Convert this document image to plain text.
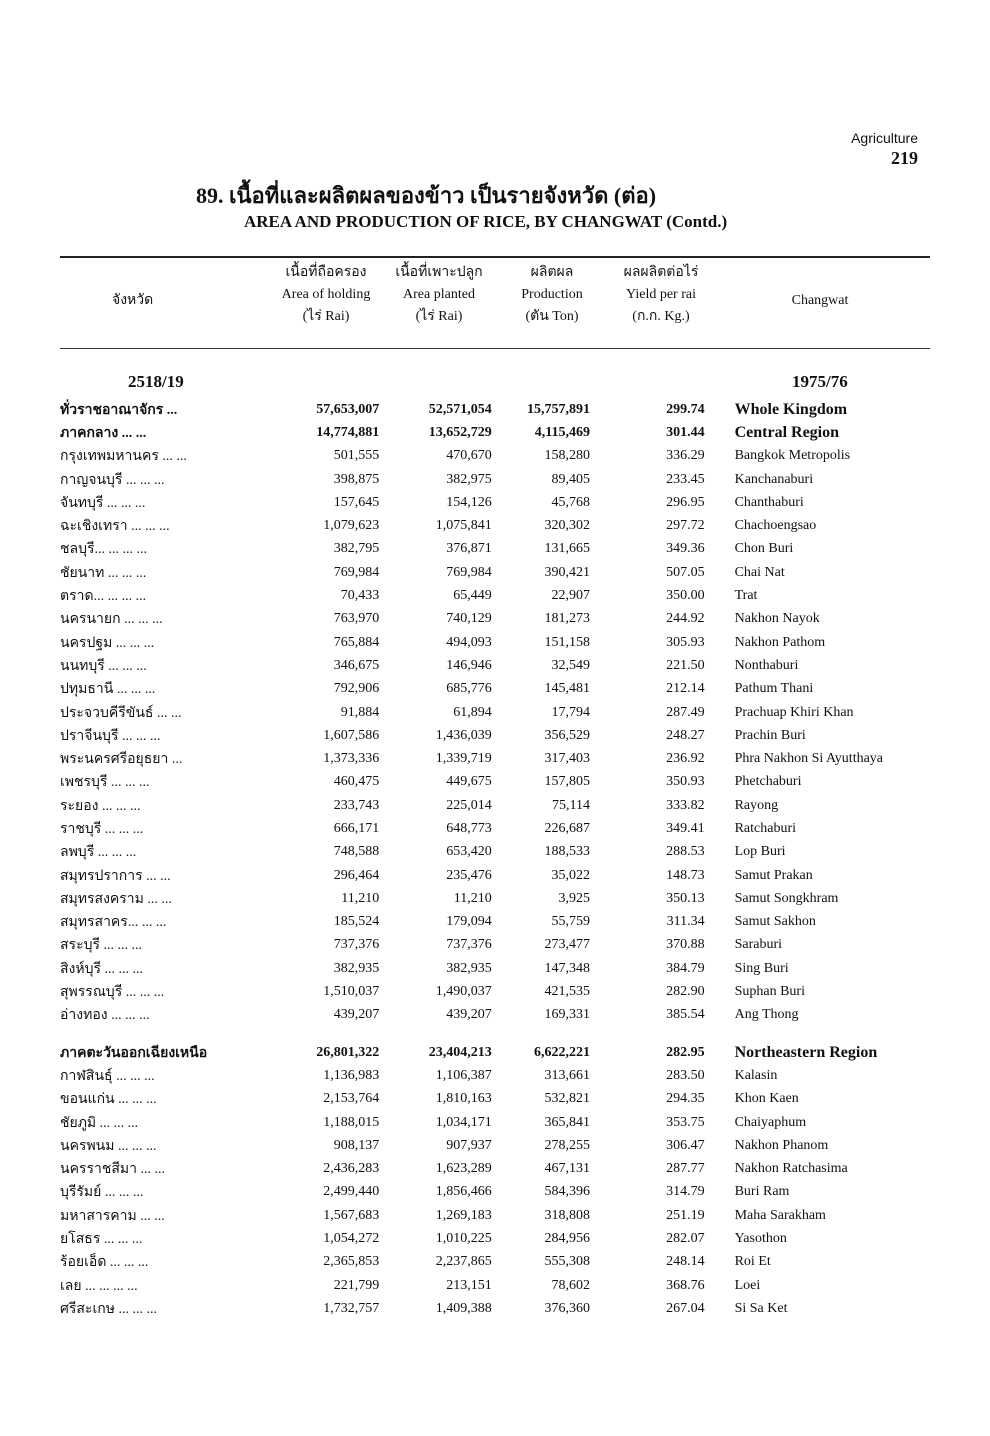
Agriculture
219
89. เนื้อที่และผลิตผลของข้าว เป็นรายจังหวัด (ต่อ)
AREA AND PRODUCTION OF RICE, BY CHANGWAT (Contd.)
จังหวัด
เนื้อที่ถือครอง
Area of holding
(ไร่ Rai)
เนื้อที่เพาะปลูก
Area planted
(ไร่ Rai)
ผลิตผล
Production
(ตัน Ton)
ผลผลิตต่อไร่
Yield per rai
(ก.ก. Kg.)
Changwat
2518/19	1975/76
ทั่วราชอาณาจักร ...	57,653,007	52,571,054	15,757,891	299.74	Whole Kingdom
ภาคกลาง ... ...	14,774,881	13,652,729	4,115,469	301.44	Central Region
กรุงเทพมหานคร ... ...	501,555	470,670	158,280	336.29	Bangkok Metropolis
กาญจนบุรี ... ... ...	398,875	382,975	89,405	233.45	Kanchanaburi
จันทบุรี ... ... ...	157,645	154,126	45,768	296.95	Chanthaburi
ฉะเชิงเทรา ... ... ...	1,079,623	1,075,841	320,302	297.72	Chachoengsao
ชลบุรี... ... ... ...	382,795	376,871	131,665	349.36	Chon Buri
ชัยนาท ... ... ...	769,984	769,984	390,421	507.05	Chai Nat
ตราด... ... ... ...	70,433	65,449	22,907	350.00	Trat
นครนายก ... ... ...	763,970	740,129	181,273	244.92	Nakhon Nayok
นครปฐม ... ... ...	765,884	494,093	151,158	305.93	Nakhon Pathom
นนทบุรี ... ... ...	346,675	146,946	32,549	221.50	Nonthaburi
ปทุมธานี ... ... ...	792,906	685,776	145,481	212.14	Pathum Thani
ประจวบคีรีขันธ์ ... ...	91,884	61,894	17,794	287.49	Prachuap Khiri Khan
ปราจีนบุรี ... ... ...	1,607,586	1,436,039	356,529	248.27	Prachin Buri
พระนครศรีอยุธยา ...	1,373,336	1,339,719	317,403	236.92	Phra Nakhon Si Ayutthaya
เพชรบุรี ... ... ...	460,475	449,675	157,805	350.93	Phetchaburi
ระยอง ... ... ...	233,743	225,014	75,114	333.82	Rayong
ราชบุรี ... ... ...	666,171	648,773	226,687	349.41	Ratchaburi
ลพบุรี ... ... ...	748,588	653,420	188,533	288.53	Lop Buri
สมุทรปราการ ... ...	296,464	235,476	35,022	148.73	Samut Prakan
สมุทรสงคราม ... ...	11,210	11,210	3,925	350.13	Samut Songkhram
สมุทรสาคร... ... ...	185,524	179,094	55,759	311.34	Samut Sakhon
สระบุรี ... ... ...	737,376	737,376	273,477	370.88	Saraburi
สิงห์บุรี ... ... ...	382,935	382,935	147,348	384.79	Sing Buri
สุพรรณบุรี ... ... ...	1,510,037	1,490,037	421,535	282.90	Suphan Buri
อ่างทอง ... ... ...	439,207	439,207	169,331	385.54	Ang Thong

ภาคตะวันออกเฉียงเหนือ	26,801,322	23,404,213	6,622,221	282.95	Northeastern Region
กาฬสินธุ์ ... ... ...	1,136,983	1,106,387	313,661	283.50	Kalasin
ขอนแก่น ... ... ...	2,153,764	1,810,163	532,821	294.35	Khon Kaen
ชัยภูมิ ... ... ...	1,188,015	1,034,171	365,841	353.75	Chaiyaphum
นครพนม ... ... ...	908,137	907,937	278,255	306.47	Nakhon Phanom
นครราชสีมา ... ...	2,436,283	1,623,289	467,131	287.77	Nakhon Ratchasima
บุรีรัมย์ ... ... ...	2,499,440	1,856,466	584,396	314.79	Buri Ram
มหาสารคาม ... ...	1,567,683	1,269,183	318,808	251.19	Maha Sarakham
ยโสธร ... ... ...	1,054,272	1,010,225	284,956	282.07	Yasothon
ร้อยเอ็ด ... ... ...	2,365,853	2,237,865	555,308	248.14	Roi Et
เลย ... ... ... ...	221,799	213,151	78,602	368.76	Loei
ศรีสะเกษ ... ... ...	1,732,757	1,409,388	376,360	267.04	Si Sa Ket
